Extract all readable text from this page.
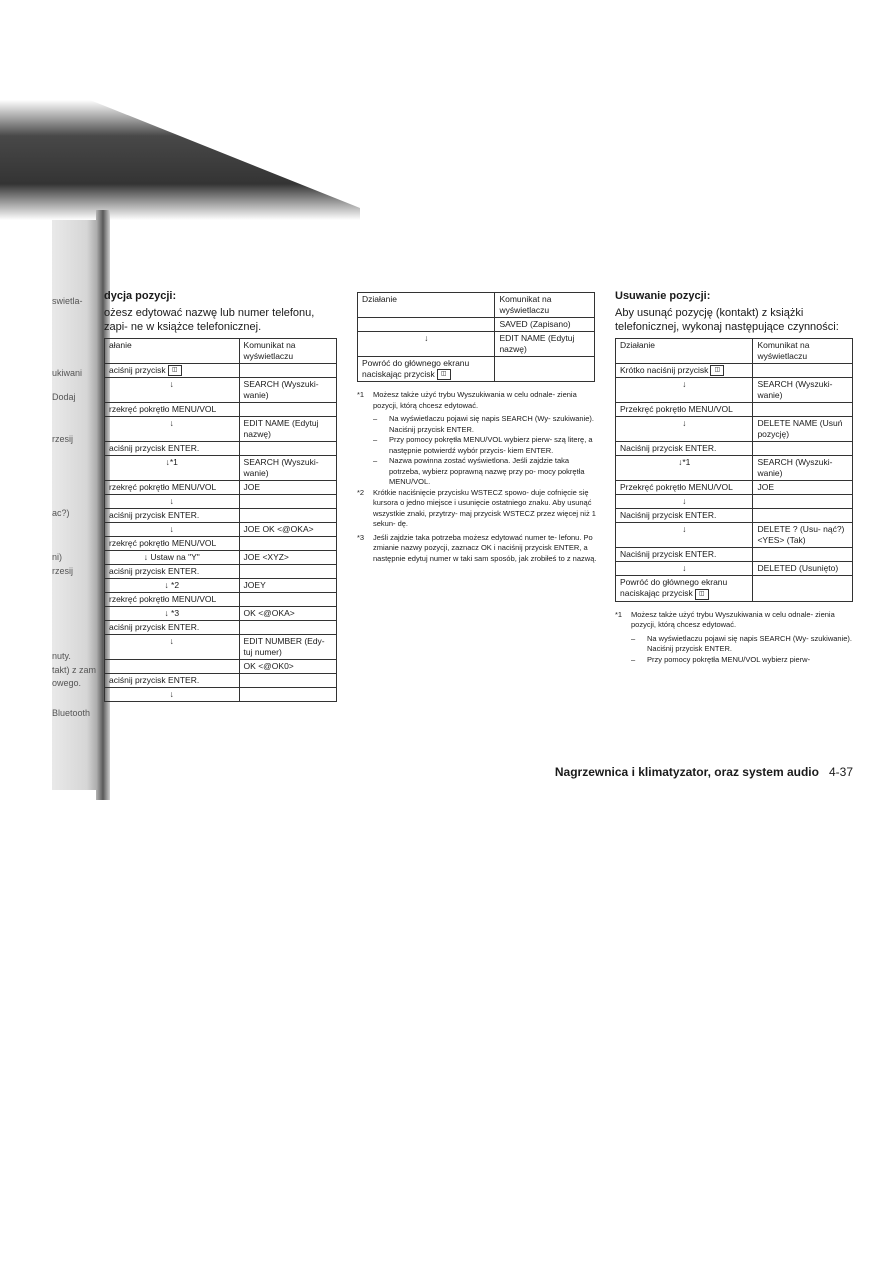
swietla-
ukiwani
Dodaj
rzesij
ac?)
ni)
rzesij
nuty.
takt) z zam
owego.
Bluetooth
dycja pozycji:

ożesz edytować nazwę lub numer telefonu, zapi- ne w książce telefonicznej.

ałanie	Komunikat na wyświetlaczu
aciśnij przycisk ◫	
↓	SEARCH (Wyszuki- wanie)
rzekręć pokrętło MENU/VOL	
↓	EDIT NAME (Edytuj nazwę)
aciśnij przycisk ENTER.	
↓*1	SEARCH (Wyszuki- wanie)
rzekręć pokrętło MENU/VOL	JOE
↓	
aciśnij przycisk ENTER.	
↓	JOE OK <@OKA>
rzekręć pokrętło MENU/VOL	
↓ Ustaw na "Y"	JOE <XYZ>
aciśnij przycisk ENTER.	
↓ *2	JOEY
rzekręć pokrętło MENU/VOL	
↓ *3	OK <@OKA>
aciśnij przycisk ENTER.	
↓	EDIT NUMBER (Edy- tuj numer)
	OK <@OK0>
aciśnij przycisk ENTER.	
↓	
Działanie	Komunikat na wyświetlaczu
	SAVED (Zapisano)
↓	EDIT NAME (Edytuj nazwę)
Powróć do głównego ekranu naciskając przycisk ◫	
*1	Możesz także użyć trybu Wyszukiwania w celu odnale- zienia pozycji, którą chcesz edytować.
–	Na wyświetlaczu pojawi się napis SEARCH (Wy- szukiwanie). Naciśnij przycisk ENTER.
–	Przy pomocy pokrętła MENU/VOL wybierz pierw- szą literę, a następnie potwierdź wybór przycis- kiem ENTER.
–	Nazwa powinna zostać wyświetlona. Jeśli zajdzie taka potrzeba, wybierz poprawną nazwę przy po- mocy pokrętła MENU/VOL.
*2	Krótkie naciśnięcie przycisku WSTECZ spowo- duje cofnięcie się kursora o jedno miejsce i usunięcie ostatniego znaku. Aby usunąć wszystkie znaki, przytrzy- maj przycisk WSTECZ przez więcej niż 1 sekun- dę.
*3	Jeśli zajdzie taka potrzeba możesz edytować numer te- lefonu. Po zmianie nazwy pozycji, zaznacz OK i naciśnij przycisk ENTER, a następnie edytuj numer w taki sam sposób, jak zrobiłeś to z nazwą.
Usuwanie pozycji:

Aby usunąć pozycję (kontakt) z książki telefonicznej, wykonaj następujące czynności:

Działanie	Komunikat na wyświetlaczu
Krótko naciśnij przycisk ◫	
↓	SEARCH (Wyszuki- wanie)
Przekręć pokrętło MENU/VOL	
↓	DELETE NAME (Usuń pozycję)
Naciśnij przycisk ENTER.	
↓*1	SEARCH (Wyszuki- wanie)
Przekręć pokrętło MENU/VOL	JOE
↓	
Naciśnij przycisk ENTER.	
↓	DELETE ? (Usu- nąć?) <YES> (Tak)
Naciśnij przycisk ENTER.	
↓	DELETED (Usunięto)
Powróć do głównego ekranu naciskając przycisk ◫	
*1	Możesz także użyć trybu Wyszukiwania w celu odnale- zienia pozycji, którą chcesz edytować.
–	Na wyświetlaczu pojawi się napis SEARCH (Wy- szukiwanie). Naciśnij przycisk ENTER.
–	Przy pomocy pokrętła MENU/VOL wybierz pierw-
Nagrzewnica i klimatyzator, oraz system audio 4-37
